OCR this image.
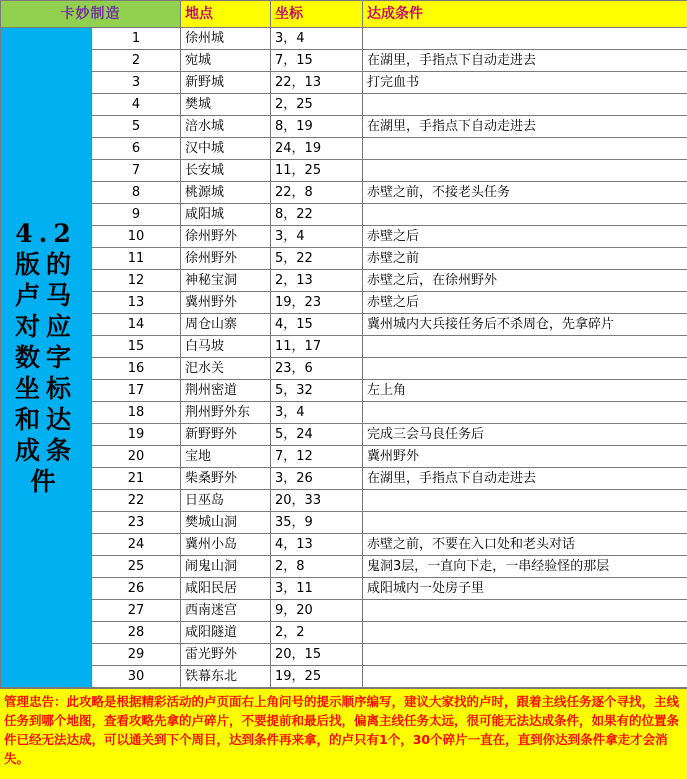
卡妙制造		地点	坐标	达成条件

4.2版的卢马对应数字坐标和达成条件	1	徐州城	3，4	
	2	宛城	7，15	在湖里，手指点下自动走进去
	3	新野城	22，13	打完血书
	4	樊城	2，25	
	5	涪水城	8，19	在湖里，手指点下自动走进去
	6	汉中城	24，19	
	7	长安城	11，25	
	8	桃源城	22，8	赤壁之前，不接老头任务
	9	咸阳城	8，22	
	10	徐州野外	3，4	赤壁之后
	11	徐州野外	5，22	赤壁之前
	12	神秘宝洞	2，13	赤壁之后，在徐州野外
	13	冀州野外	19，23	赤壁之后
	14	周仓山寨	4，15	冀州城内大兵接任务后不杀周仓，先拿碎片
	15	白马坡	11，17	
	16	汜水关	23，6	
	17	荆州密道	5，32	左上角
	18	荆州野外东	3，4	
	19	新野野外	5，24	完成三会马良任务后
	20	宝地	7，12	冀州野外
	21	柴桑野外	3，26	在湖里，手指点下自动走进去
	22	日巫岛	20，33	
	23	樊城山洞	35，9	
	24	冀州小岛	4，13	赤壁之前，不要在入口处和老头对话
	25	闹鬼山洞	2，8	鬼洞3层，一直向下走，一串经验怪的那层
	26	咸阳民居	3，11	咸阳城内一处房子里
	27	西南迷宫	9，20	
	28	咸阳隧道	2，2	
	29	雷光野外	20，15	
	30	铁幕东北	19，25	
管理忠告：此攻略是根据精彩活动的卢页面右上角问号的提示顺序编写，建议大家找的卢时，跟着主线任务逐个寻找，主线任务到哪个地图，查看攻略先拿的卢碎片，不要提前和最后找，偏离主线任务太远，很可能无法达成条件，如果有的位置条件已经无法达成，可以通关到下个周目，达到条件再来拿，的卢只有1个，30个碎片一直在，直到你达到条件拿走才会消失。
